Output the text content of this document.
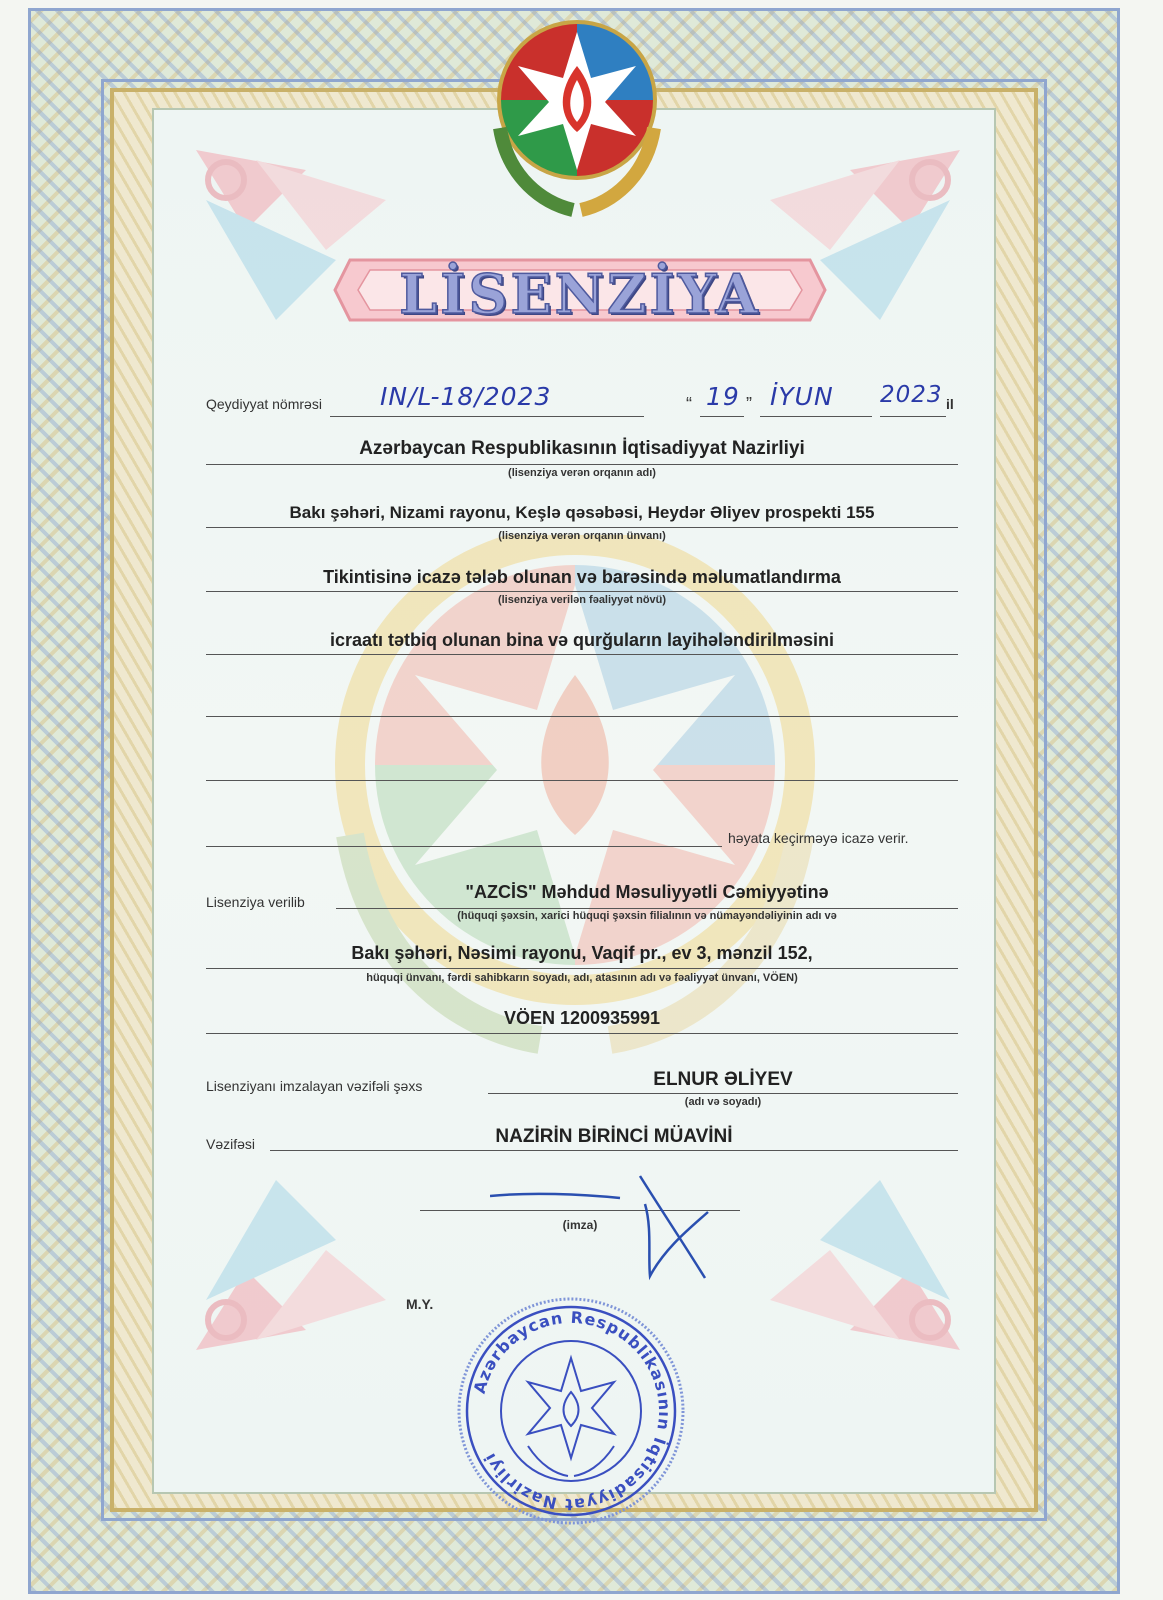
LİSENZİYA
Qeydiyyat nömrəsi IN/L-18/2023	“ 19 ” İYUN 2023 il
Azərbaycan Respublikasının İqtisadiyyat Nazirliyi
(lisenziya verən orqanın adı)
Bakı şəhəri, Nizami rayonu, Keşlə qəsəbəsi, Heydər Əliyev prospekti 155
(lisenziya verən orqanın ünvanı)
Tikintisinə icazə tələb olunan və barəsində məlumatlandırma
(lisenziya verilən fəaliyyət növü)
icraatı tətbiq olunan bina və qurğuların layihələndirilməsini
həyata keçirməyə icazə verir.
Lisenziya verilib	"AZCİS" Məhdud Məsuliyyətli Cəmiyyətinə
(hüquqi şəxsin, xarici hüquqi şəxsin filialının və nümayəndəliyinin adı və
Bakı şəhəri, Nəsimi rayonu, Vaqif pr., ev 3, mənzil 152,
hüquqi ünvanı, fərdi sahibkarın soyadı, adı, atasının adı və fəaliyyət ünvanı, VÖEN)
VÖEN 1200935991
Lisenziyanı imzalayan vəzifəli şəxs	ELNUR ƏLİYEV
(adı və soyadı)
Vəzifəsi	NAZİRİN BİRİNCİ MÜAVİNİ
(imza)
M.Y.
Azərbaycan Respublikasının İqtisadiyyat Nazirliyi
